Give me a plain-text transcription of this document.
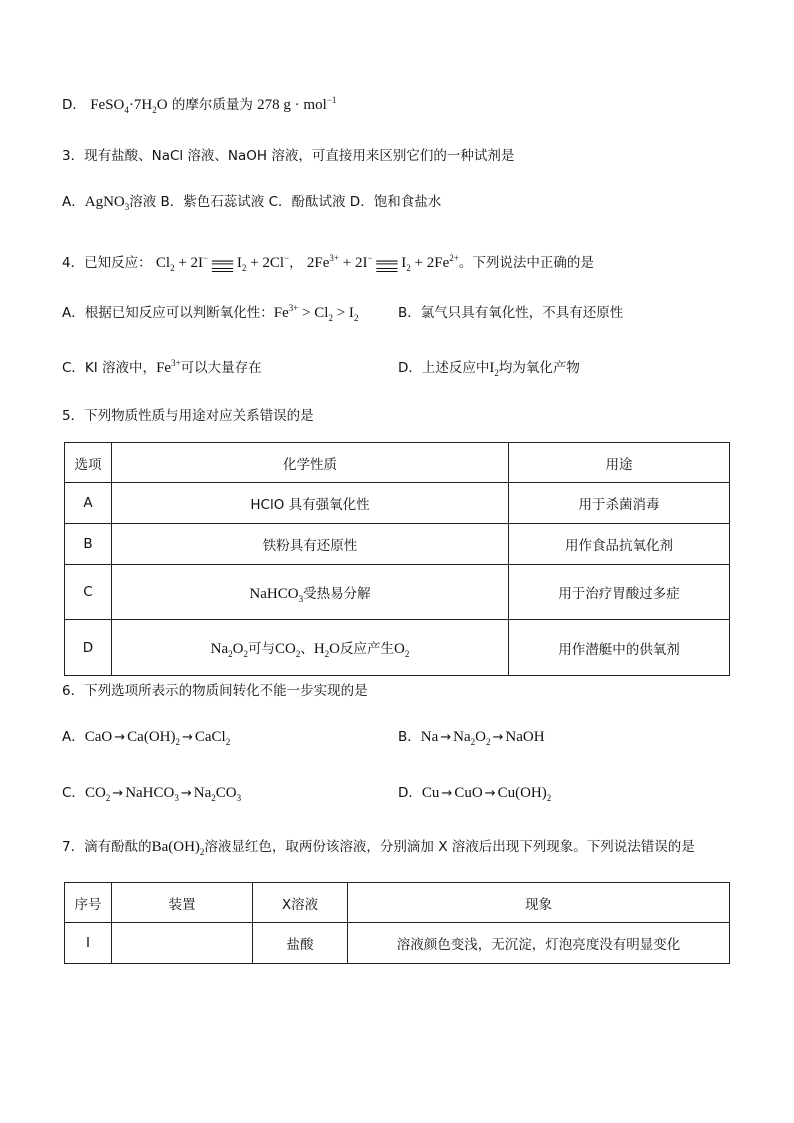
D． $FeSO_4\cdot 7H_2O$ 的摩尔质量为 278 g · mol$^{-1}$
3．现有盐酸、NaCl 溶液、NaOH 溶液，可直接用来区别它们的一种试剂是
A．AgNO$_3$溶液 B．紫色石蕊试液 C．酚酞试液 D．饱和食盐水
4．已知反应： $Cl_2 + 2I^-$ ══ $I_2 + 2Cl^-$， $2Fe^{3+} + 2I^-$ ══ $I_2 + 2Fe^{2+}$。下列说法中正确的是
A．根据已知反应可以判断氧化性：$Fe^{3+} > Cl_2 > I_2$	B．氯气只具有氧化性，不具有还原性
C．KI 溶液中，$Fe^{3+}$可以大量存在	D．上述反应中$I_2$均为氧化产物
5．下列物质性质与用途对应关系错误的是
选项	化学性质	用途
A	HClO 具有强氧化性	用于杀菌消毒
B	铁粉具有还原性	用作食品抗氧化剂
C	NaHCO$_3$受热易分解	用于治疗胃酸过多症
D	$Na_2O_2$可与$CO_2$、$H_2O$反应产生$O_2$	用作潜艇中的供氧剂
6．下列选项所表示的物质间转化不能一步实现的是
A．CaO → $Ca(OH)_2$ → CaCl$_2$	B．$Na \to Na_2O_2$ → NaOH
C．$CO_2$ → NaHCO$_3$ → $Na_2CO_3$	D．Cu → CuO → $Cu(OH)_2$
7．滴有酚酞的$Ba(OH)_2$溶液显红色，取两份该溶液，分别滴加 X 溶液后出现下列现象。下列说法错误的是
序号	装置	X溶液	现象
Ⅰ		盐酸	溶液颜色变浅，无沉淀，灯泡亮度没有明显变化
